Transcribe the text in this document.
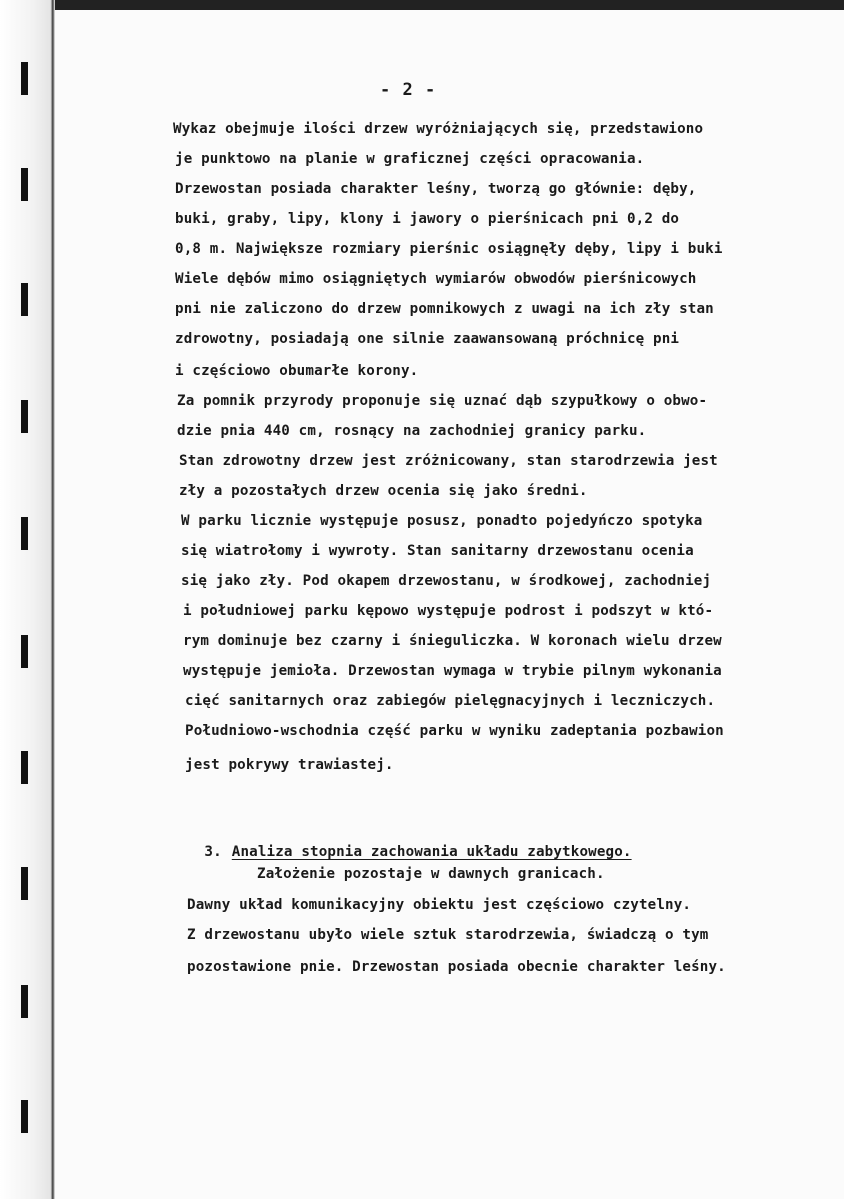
- 2 -

Wykaz obejmuje ilości drzew wyróżniających się, przedstawiono

je punktowo na planie w graficznej części opracowania.

Drzewostan posiada charakter leśny, tworzą go głównie: dęby,

buki, graby, lipy, klony i jawory o pierśnicach pni 0,2 do

0,8 m. Największe rozmiary pierśnic osiągnęły dęby, lipy i buki

Wiele dębów mimo osiągniętych wymiarów obwodów pierśnicowych

pni nie zaliczono do drzew pomnikowych z uwagi na ich zły stan

zdrowotny, posiadają one silnie zaawansowaną próchnicę pni

i częściowo obumarłe korony.

Za pomnik przyrody proponuje się uznać dąb szypułkowy o obwo-

dzie pnia 440 cm, rosnący na zachodniej granicy parku.

Stan zdrowotny drzew jest zróżnicowany, stan starodrzewia jest

zły a pozostałych drzew ocenia się jako średni.

W parku licznie występuje posusz, ponadto pojedyńczo spotyka

się wiatrołomy i wywroty. Stan sanitarny drzewostanu ocenia

się jako zły. Pod okapem drzewostanu, w środkowej, zachodniej

i południowej parku kępowo występuje podrost i podszyt w któ-

rym dominuje bez czarny i śnieguliczka. W koronach wielu drzew

występuje jemioła. Drzewostan wymaga w trybie pilnym wykonania

cięć sanitarnych oraz zabiegów pielęgnacyjnych i leczniczych.

Południowo-wschodnia część parku w wyniku zadeptania pozbawion

jest pokrywy trawiastej.

3. Analiza stopnia zachowania układu zabytkowego.

Założenie pozostaje w dawnych granicach.

Dawny układ komunikacyjny obiektu jest częściowo czytelny.

Z drzewostanu ubyło wiele sztuk starodrzewia, świadczą o tym

pozostawione pnie. Drzewostan posiada obecnie charakter leśny.
